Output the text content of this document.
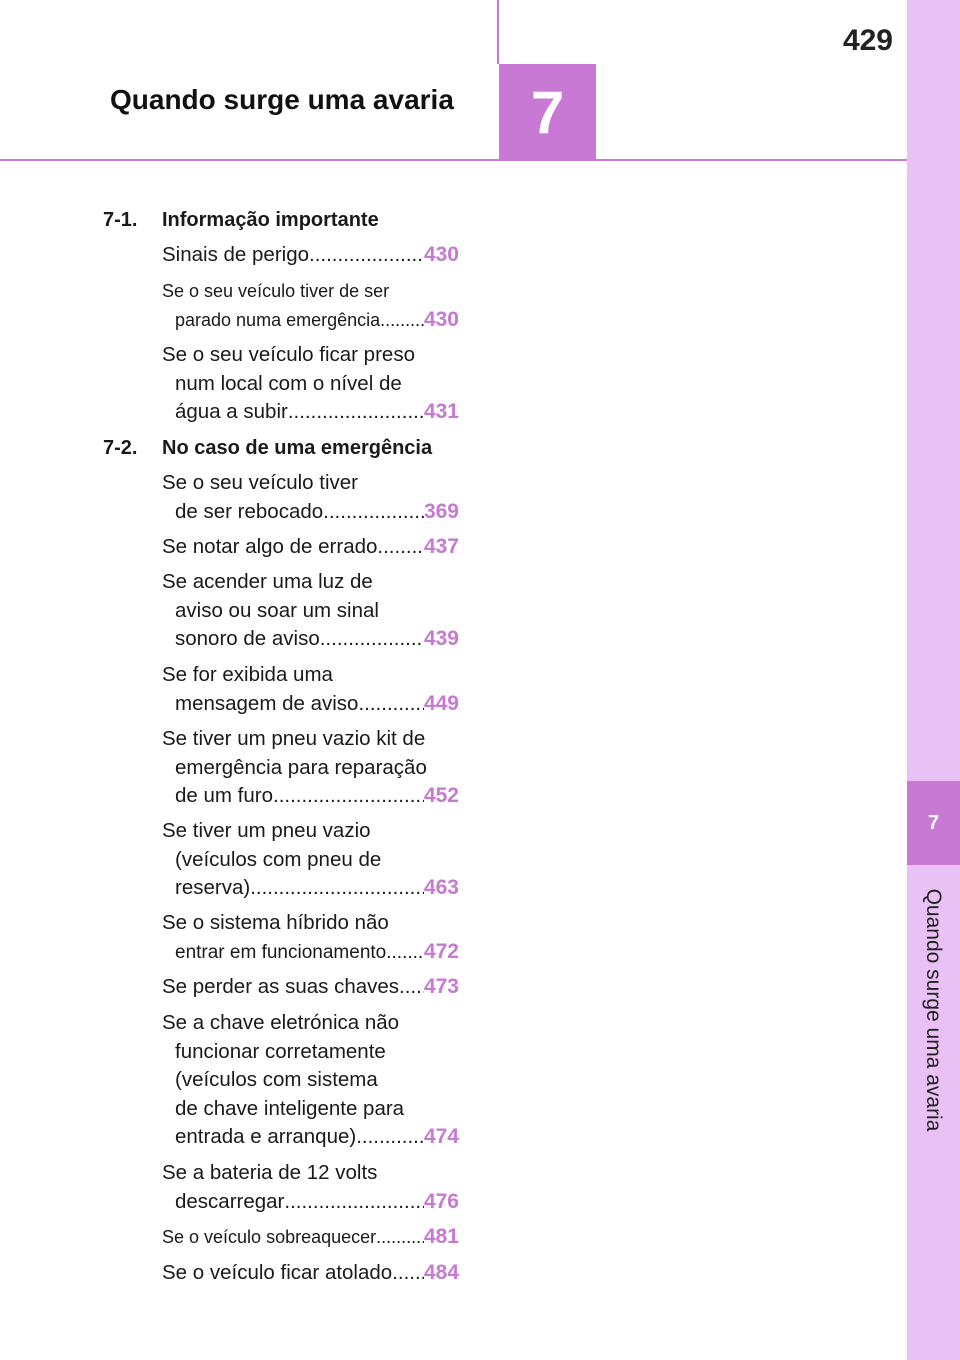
429
Quando surge uma avaria	7
7
Quando surge uma avaria
7-1. Informação importante
Sinais de perigo .....	430
Se o seu veículo tiver de ser
parado numa emergência ..... 430
Se o seu veículo ficar preso
num local com o nível de
água a subir .....	431
7-2. No caso de uma emergência
Se o seu veículo tiver
de ser rebocado .....	369
Se notar algo de errado ..... 437
Se acender uma luz de
aviso ou soar um sinal
sonoro de aviso .....	439
Se for exibida uma
mensagem de aviso .....	449
Se tiver um pneu vazio kit de
emergência para reparação
de um furo .....	452
Se tiver um pneu vazio
(veículos com pneu de
reserva) .....	463
Se o sistema híbrido não
entrar em funcionamento ..... 472
Se perder as suas chaves ..... 473
Se a chave eletrónica não
funcionar corretamente
(veículos com sistema
de chave inteligente para
entrada e arranque) .....	474
Se a bateria de 12 volts
descarregar .....	476
Se o veículo sobreaquecer ..... 481
Se o veículo ficar atolado ..... 484
